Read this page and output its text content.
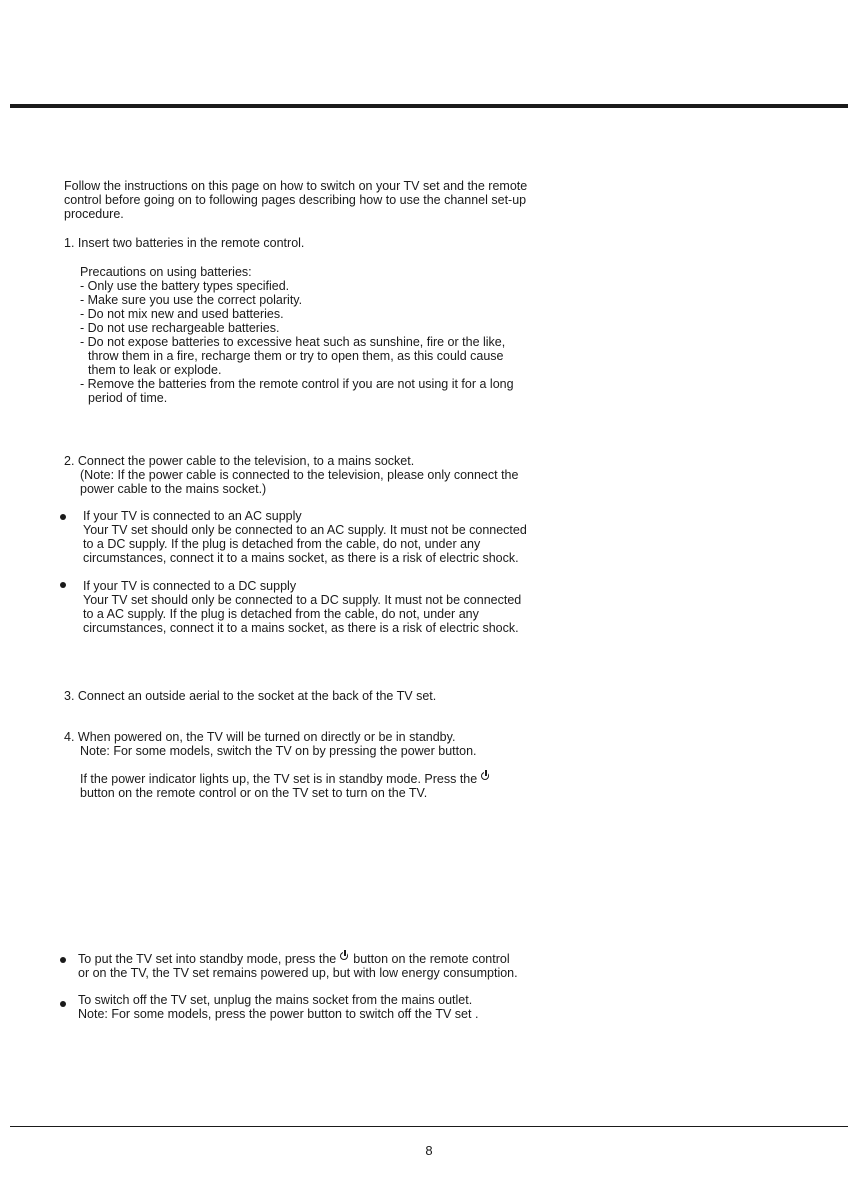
Follow the instructions on this page on how to switch on your TV set and the remote

control before going on to following pages describing how to use the channel set-up

procedure.

1. Insert two batteries in the remote control.

Precautions on using batteries:

- Only use the battery types specified.

- Make sure you use the correct polarity.

- Do not mix new and used batteries.

- Do not use rechargeable batteries.

- Do not expose batteries to excessive heat such as sunshine, fire or the like,

throw them in a fire, recharge them or try to open them, as this could cause

them to leak or explode.

- Remove the batteries from the remote control if you are not using it for a long

period of time.

2. Connect the power cable to the television, to a mains socket.

(Note: If the power cable is connected to the television, please only connect the

power cable to the mains socket.)

If your TV is connected to an AC supply

Your TV set should only be connected to an AC supply. It must not be connected

to a DC supply. If the plug is detached from the cable, do not, under any

circumstances, connect it to a mains socket, as there is a risk of electric shock.

If your TV is connected to a DC supply

Your TV set should only be connected to a DC supply. It must not be connected

to a AC supply. If the plug is detached from the cable, do not, under any

circumstances, connect it to a mains socket, as there is a risk of electric shock.

3. Connect an outside aerial to the socket at the back of the TV set.

4. When powered on, the TV will be turned on directly or be in standby.

Note: For some models, switch the TV on by pressing the power button.

If the power indicator lights up, the TV set is in standby mode. Press the

button on the remote control or on the TV set to turn on the TV.

To put the TV set into standby mode, press the button on the remote control

or on the TV, the TV set remains powered up, but with low energy consumption.

To switch off the TV set, unplug the mains socket from the mains outlet.

Note: For some models, press the power button to switch off the TV set .

8
